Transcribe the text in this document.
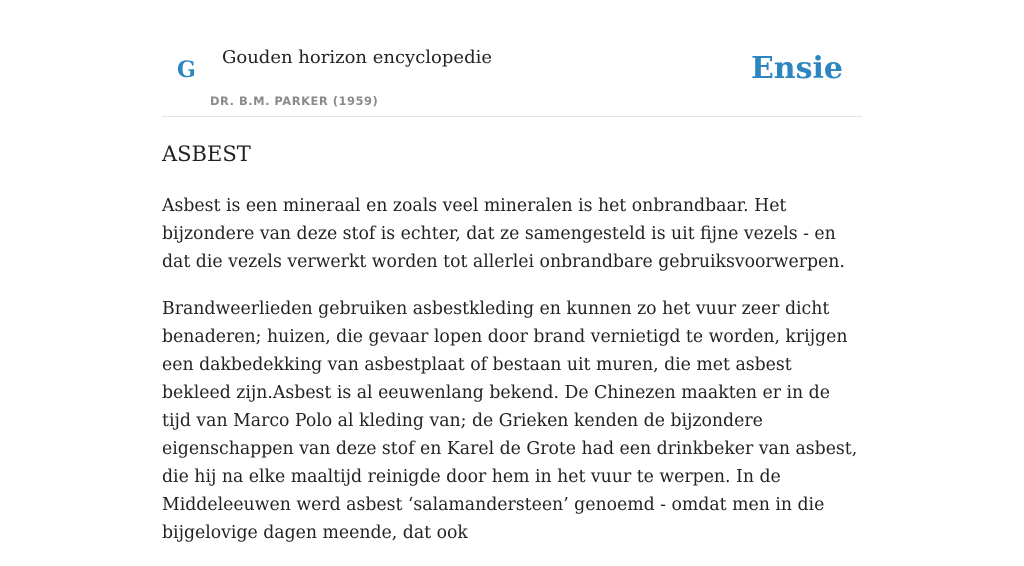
G Gouden horizon encyclopedie
DR. B.M. PARKER (1959)
Ensie
ASBEST

Asbest is een mineraal en zoals veel mineralen is het onbrandbaar. Het bijzondere van deze stof is echter, dat ze samengesteld is uit fijne vezels - en dat die vezels verwerkt worden tot allerlei onbrandbare gebruiksvoorwerpen.

Brandweerlieden gebruiken asbestkleding en kunnen zo het vuur zeer dicht benaderen; huizen, die gevaar lopen door brand vernietigd te worden, krijgen een dakbedekking van asbestplaat of bestaan uit muren, die met asbest bekleed zijn.Asbest is al eeuwenlang bekend. De Chinezen maakten er in de tijd van Marco Polo al kleding van; de Grieken kenden de bijzondere eigenschappen van deze stof en Karel de Grote had een drinkbeker van asbest, die hij na elke maaltijd reinigde door hem in het vuur te werpen. In de Middeleeuwen werd asbest ‘salamandersteen’ genoemd - omdat men in die bijgelovige dagen meende, dat ook
